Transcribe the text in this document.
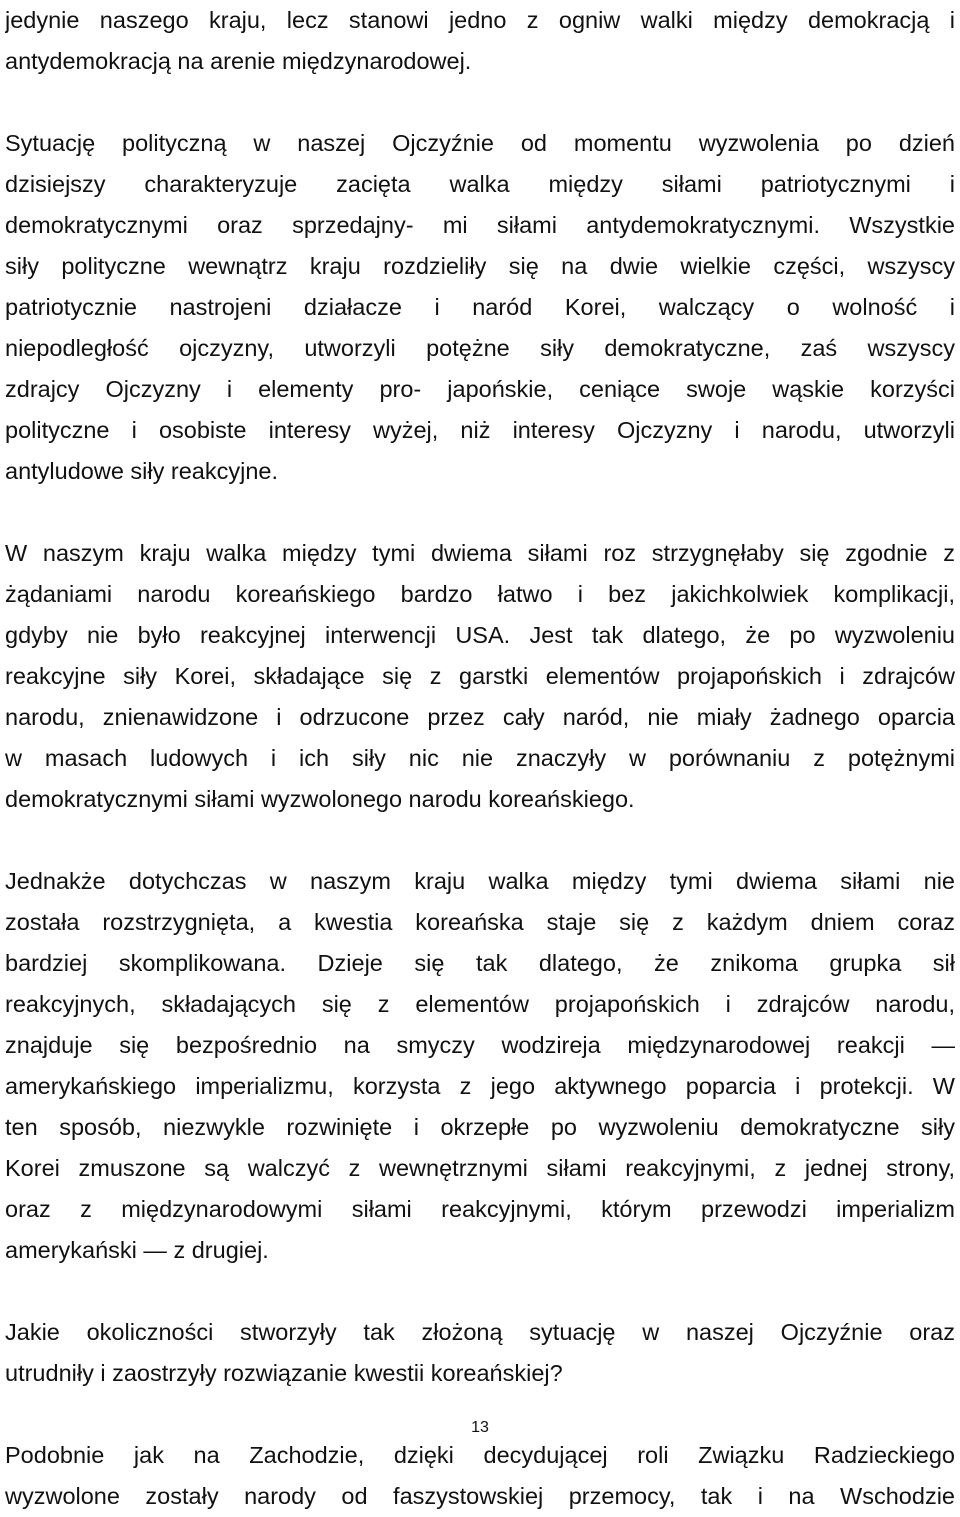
jedynie naszego kraju, lecz stanowi jedno z ogniw walki między demokracją i
antydemokracją na arenie międzynarodowej.
Sytuację polityczną w naszej Ojczyźnie od momentu wyzwolenia po dzień
dzisiejszy charakteryzuje zacięta walka między siłami patriotycznymi i
demokratycznymi oraz sprzedajny- mi siłami antydemokratycznymi. Wszystkie
siły polityczne wewnątrz kraju rozdzieliły się na dwie wielkie części, wszyscy
patriotycznie nastrojeni działacze i naród Korei, walczący o wolność i
niepodległość ojczyzny, utworzyli potężne siły demokratyczne, zaś wszyscy
zdrajcy Ojczyzny i elementy pro- japońskie, ceniące swoje wąskie korzyści
polityczne i osobiste interesy wyżej, niż interesy Ojczyzny i narodu, utworzyli
antyludowe siły reakcyjne.
W naszym kraju walka między tymi dwiema siłami roz strzygnęłaby się zgodnie z
żądaniami narodu koreańskiego bardzo łatwo i bez jakichkolwiek komplikacji,
gdyby nie było reakcyjnej interwencji USA. Jest tak dlatego, że po wyzwoleniu
reakcyjne siły Korei, składające się z garstki elementów projapońskich i zdrajców
narodu, znienawidzone i odrzucone przez cały naród, nie miały żadnego oparcia
w masach ludowych i ich siły nic nie znaczyły w porównaniu z potężnymi
demokratycznymi siłami wyzwolonego narodu koreańskiego.
Jednakże dotychczas w naszym kraju walka między tymi dwiema siłami nie
została rozstrzygnięta, a kwestia koreańska staje się z każdym dniem coraz
bardziej skomplikowana. Dzieje się tak dlatego, że znikoma grupka sił
reakcyjnych, składających się z elementów projapońskich i zdrajców narodu,
znajduje się bezpośrednio na smyczy wodzireja międzynarodowej reakcji —
amerykańskiego imperializmu, korzysta z jego aktywnego poparcia i protekcji. W
ten sposób, niezwykle rozwinięte i okrzepłe po wyzwoleniu demokratyczne siły
Korei zmuszone są walczyć z wewnętrznymi siłami reakcyjnymi, z jednej strony,
oraz z międzynarodowymi siłami reakcyjnymi, którym przewodzi imperializm
amerykański — z drugiej.
Jakie okoliczności stworzyły tak złożoną sytuację w naszej Ojczyźnie oraz
utrudniły i zaostrzyły rozwiązanie kwestii koreańskiej?
Podobnie jak na Zachodzie, dzięki decydującej roli Związku Radzieckiego
wyzwolone zostały narody od faszystowskiej przemocy, tak i na Wschodzie
13
